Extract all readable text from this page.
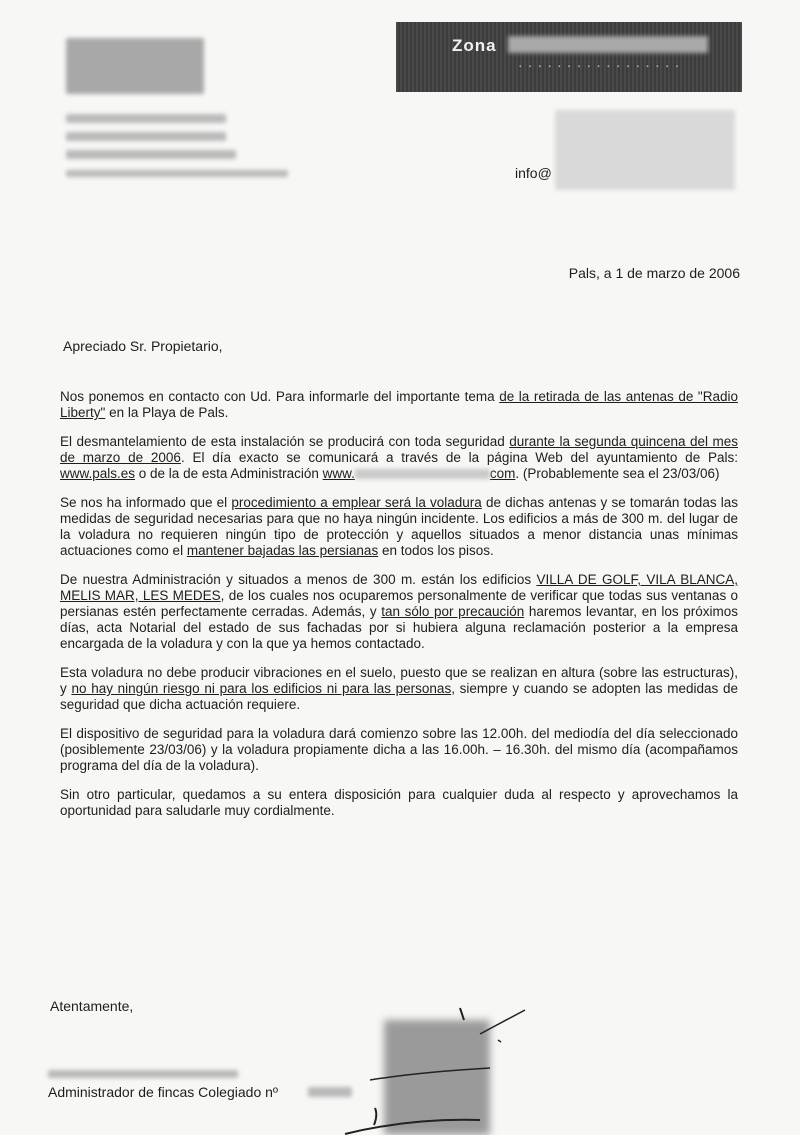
Zona
▪ ▪ ▪ ▪ ▪ ▪ ▪ ▪ ▪ ▪ ▪ ▪ ▪ ▪ ▪ ▪ ▪
info@
Pals, a 1 de marzo de 2006
Apreciado Sr. Propietario,

Nos ponemos en contacto con Ud. Para informarle del importante tema de la retirada de las antenas de "Radio Liberty" en la Playa de Pals.

El desmantelamiento de esta instalación se producirá con toda seguridad durante la segunda quincena del mes de marzo de 2006. El día exacto se comunicará a través de la página Web del ayuntamiento de Pals: www.pals.es o de la de esta Administración www.	com. (Probablemente sea el 23/03/06)

Se nos ha informado que el procedimiento a emplear será la voladura de dichas antenas y se tomarán todas las medidas de seguridad necesarias para que no haya ningún incidente. Los edificios a más de 300 m. del lugar de la voladura no requieren ningún tipo de protección y aquellos situados a menor distancia unas mínimas actuaciones como el mantener bajadas las persianas en todos los pisos.

De nuestra Administración y situados a menos de 300 m. están los edificios VILLA DE GOLF, VILA BLANCA, MELIS MAR, LES MEDES, de los cuales nos ocuparemos personalmente de verificar que todas sus ventanas o persianas estén perfectamente cerradas. Además, y tan sólo por precaución haremos levantar, en los próximos días, acta Notarial del estado de sus fachadas por si hubiera alguna reclamación posterior a la empresa encargada de la voladura y con la que ya hemos contactado.

Esta voladura no debe producir vibraciones en el suelo, puesto que se realizan en altura (sobre las estructuras), y no hay ningún riesgo ni para los edificios ni para las personas, siempre y cuando se adopten las medidas de seguridad que dicha actuación requiere.

El dispositivo de seguridad para la voladura dará comienzo sobre las 12.00h. del mediodía del día seleccionado (posiblemente 23/03/06) y la voladura propiamente dicha a las 16.00h. – 16.30h. del mismo día (acompañamos programa del día de la voladura).

Sin otro particular, quedamos a su entera disposición para cualquier duda al respecto y aprovechamos la oportunidad para saludarle muy cordialmente.

Atentamente,
Administrador de fincas Colegiado nº
